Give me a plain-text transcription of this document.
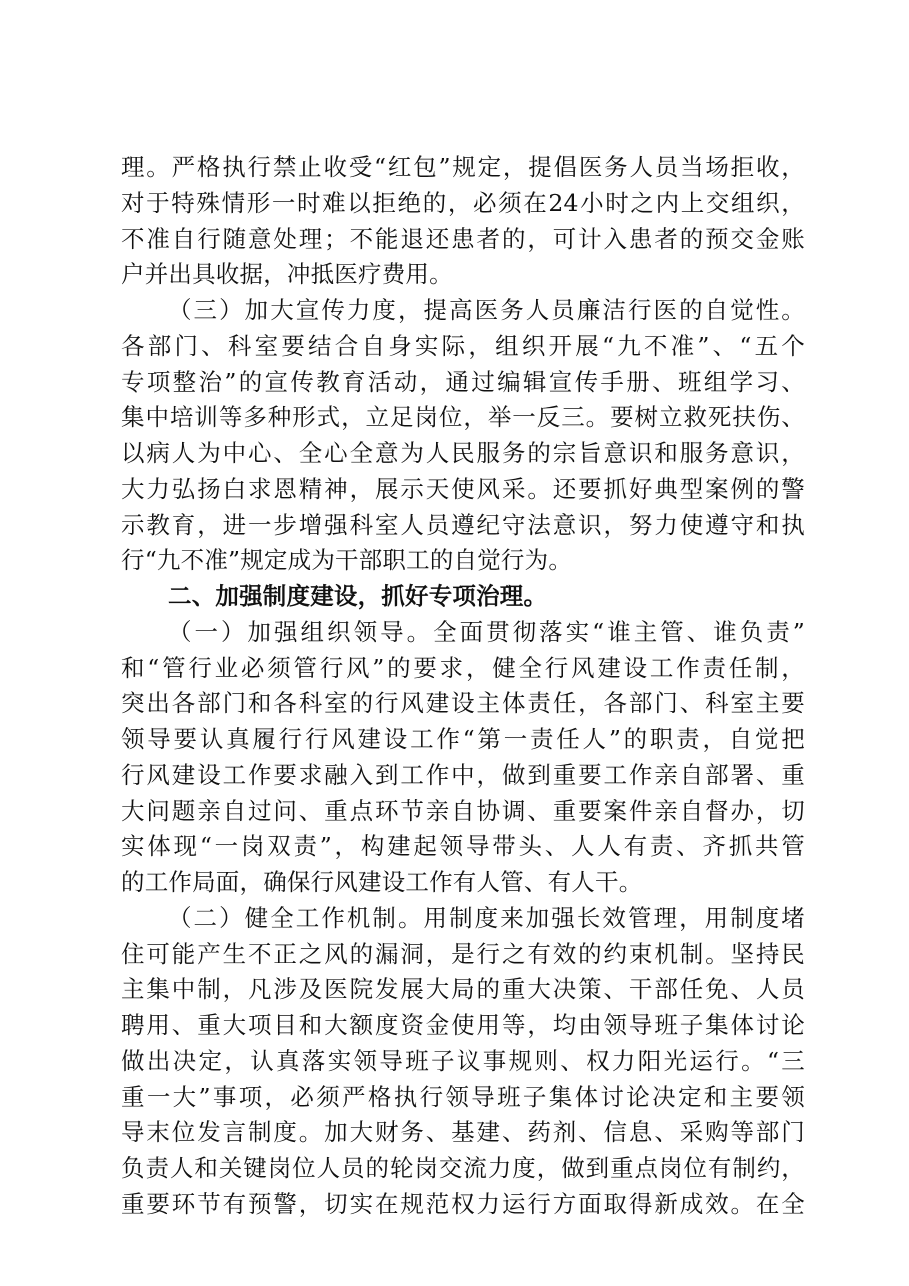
理。严格执行禁止收受“红包”规定，提倡医务人员当场拒收，
对于特殊情形一时难以拒绝的，必须在24小时之内上交组织，
不准自行随意处理；不能退还患者的，可计入患者的预交金账
户并出具收据，冲抵医疗费用。
（三）加大宣传力度，提高医务人员廉洁行医的自觉性。
各部门、科室要结合自身实际，组织开展“九不准”、“五个
专项整治”的宣传教育活动，通过编辑宣传手册、班组学习、
集中培训等多种形式，立足岗位，举一反三。要树立救死扶伤、
以病人为中心、全心全意为人民服务的宗旨意识和服务意识，
大力弘扬白求恩精神，展示天使风采。还要抓好典型案例的警
示教育，进一步增强科室人员遵纪守法意识，努力使遵守和执
行“九不准”规定成为干部职工的自觉行为。
二、加强制度建设，抓好专项治理。
（一）加强组织领导。全面贯彻落实“谁主管、谁负责”
和“管行业必须管行风”的要求，健全行风建设工作责任制，
突出各部门和各科室的行风建设主体责任，各部门、科室主要
领导要认真履行行风建设工作“第一责任人”的职责，自觉把
行风建设工作要求融入到工作中，做到重要工作亲自部署、重
大问题亲自过问、重点环节亲自协调、重要案件亲自督办，切
实体现“一岗双责”，构建起领导带头、人人有责、齐抓共管
的工作局面，确保行风建设工作有人管、有人干。
（二）健全工作机制。用制度来加强长效管理，用制度堵
住可能产生不正之风的漏洞，是行之有效的约束机制。坚持民
主集中制，凡涉及医院发展大局的重大决策、干部任免、人员
聘用、重大项目和大额度资金使用等，均由领导班子集体讨论
做出决定，认真落实领导班子议事规则、权力阳光运行。“三
重一大”事项，必须严格执行领导班子集体讨论决定和主要领
导末位发言制度。加大财务、基建、药剂、信息、采购等部门
负责人和关键岗位人员的轮岗交流力度，做到重点岗位有制约，
重要环节有预警，切实在规范权力运行方面取得新成效。在全
